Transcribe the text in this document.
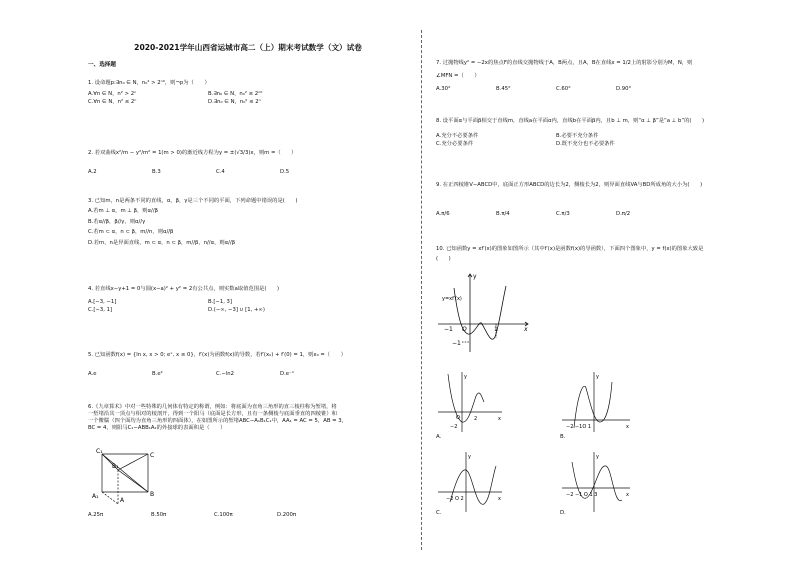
2020-2021学年山西省运城市高二（上）期末考试数学（文）试卷
一、选择题
1. 设命题p:∃n₀ ∈ N，n₀² > 2ⁿ⁰，则¬p为（　　）
A.∀n ∈ N，n² > 2ⁿ	B.∃n₀ ∈ N，n₀² ≤ 2ⁿ⁰
C.∀n ∈ N，n² ≤ 2ⁿ	D.∃n₀ ∈ N，n₀² ≤ 2ⁿ
2. 若双曲线x²/m − y²/m² = 1(m > 0)的渐近线方程为y = ±(√3/3)x，则m =（　　）
A.2	B.3	C.4	D.5
3. 已知m，n是两条不同的直线，α，β，γ是三个不同的平面，下列命题中错误的是(　　)
A.若m ⊥ α，m ⊥ β，则α//β
B.若α//β，β//γ，则α//γ
C.若m ⊂ α，n ⊂ β，m//n，则α//β
D.若m，n是异面直线，m ⊂ α，n ⊂ β，m//β，n//α，则α//β
4. 若直线x−y+1 = 0与圆(x−a)² + y² = 2有公共点，则实数a取值范围是(　　)
A.[−3, −1]	B.[−1, 3]
C.[−3, 1]	D.(−∞, −3] ∪ [1, +∞)
5. 已知函数f(x) = {ln x, x > 0; eˣ, x ≤ 0}，f′(x)为函数f(x)的导数，若f′(x₀) + f′(0) = 1，则x₀ =（　　）
A.e	B.e²	C.−ln2	D.e⁻¹
6.《九章算术》中对一些特殊的几何体有特定的称谓，例如：将底面为直角三角形的直三棱柱称为堑堵，将
一堑堵沿其一顶点与相对的棱剖开，得到一个阳马（底面是长方形，且有一条侧棱与底面垂直的四棱锥）和
一个鳖臑（四个面均为直角三角形的四面体），在如图所示的堑堵ABC−A₁B₁C₁中，AA₁ = AC = 5，AB = 3，
BC = 4，则阳马C₁−ABB₁A₁的外接球的表面积是（　　）
C₁
C
B₁
A₁	B
A
A.25π	B.50π	C.100π	D.200π
7. 过抛物线y² = −2x的焦点F的直线交抛物线于A，B两点，且A，B在直线x = 1/2上的射影分别为M，N，则
∠MFN =（　　）
A.30°	B.45°	C.60°	D.90°
8. 设平面α与平面β相交于直线m，直线a在平面α内，直线b在平面β内，且b ⊥ m，则“α ⊥ β”是“a ⊥ b”的(　　)
A.充分不必要条件	B.必要不充分条件
C.充分必要条件	D.既不充分也不必要条件
9. 在正四棱锥V−ABCD中，底面正方形ABCD的边长为2，侧棱长为2，则异面直线VA与BD所成角的大小为(　　)
A.π/6	B.π/4	C.π/3	D.π/2
10. 已知函数y = xf′(x)的图象如图所示（其中f′(x)是函数f(x)的导函数），下面四个图象中，y = f(x)的图象大致是
(　　)
y
y=xf′(x)
x
O	1
−1
−1
y
x
O	2
−2
A.
y
x
−2 −1O 1
B.
y
x
−2 O 2
C.
y
x
−2 −1 O 1 3
D.
